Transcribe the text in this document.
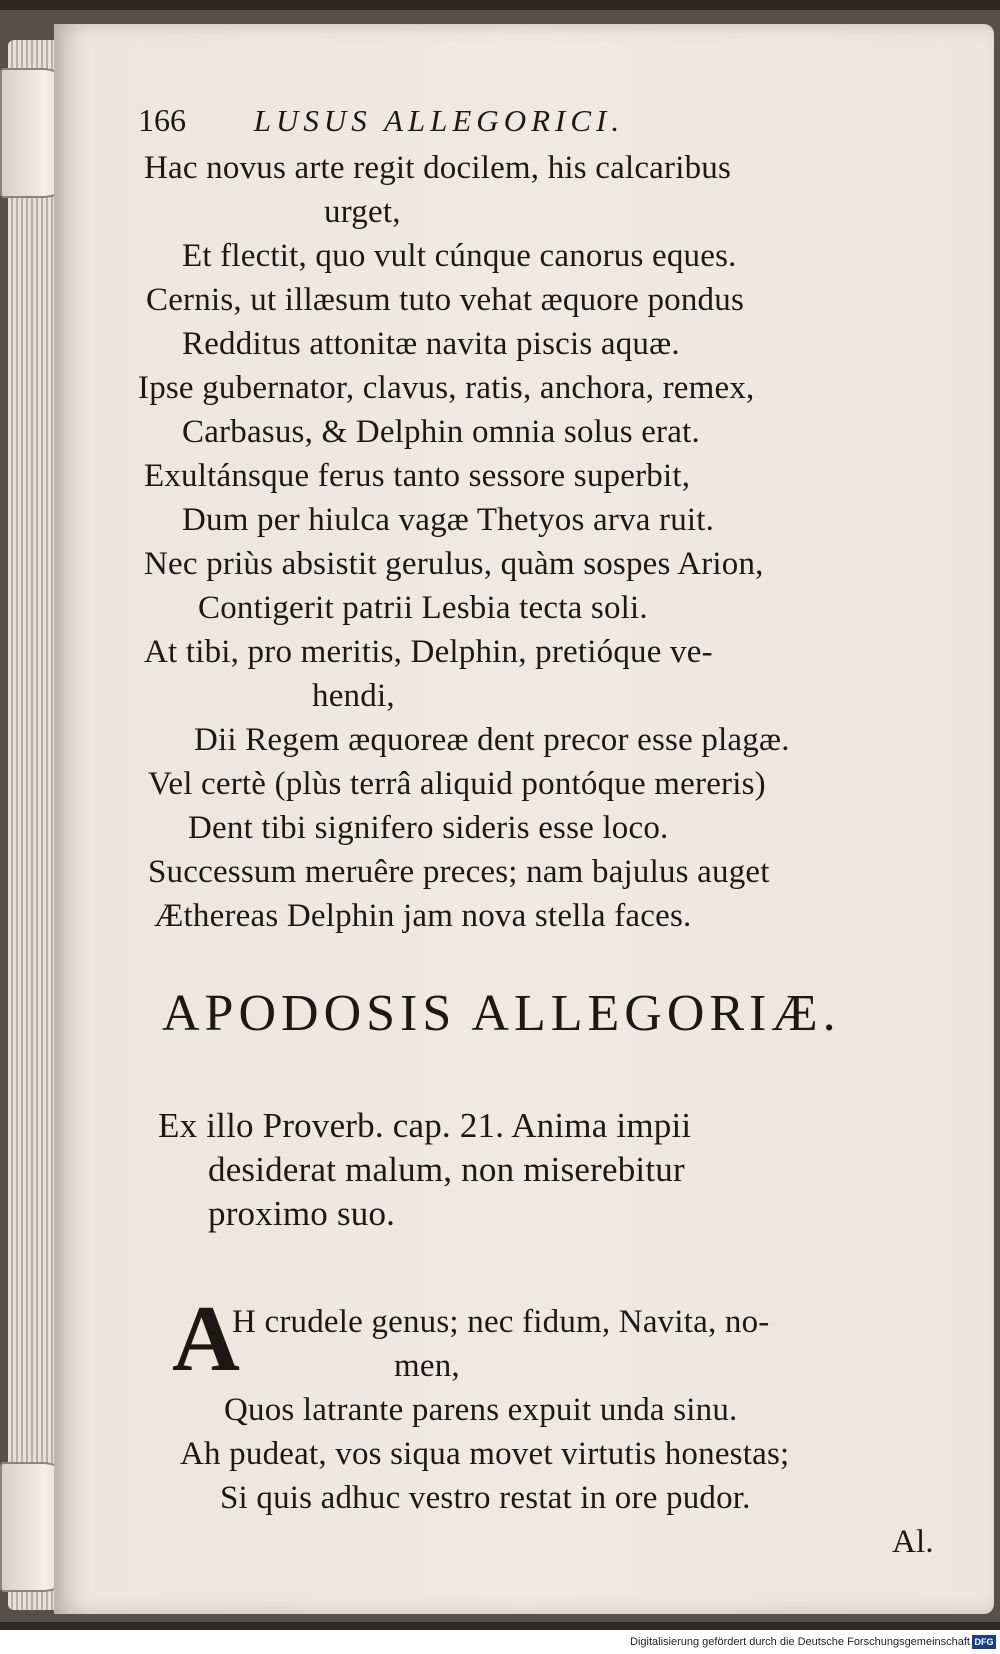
166 LUSUS ALLEGORICI.

Hac novus arte regit docilem, his calcaribus

urget,

Et flectit, quo vult cúnque canorus eques.

Cernis, ut illæsum tuto vehat æquore pondus

Redditus attonitæ navita piscis aquæ.

Ipse gubernator, clavus, ratis, anchora, remex,

Carbasus, & Delphin omnia solus erat.

Exultánsque ferus tanto sessore superbit,

Dum per hiulca vagæ Thetyos arva ruit.

Nec priùs absistit gerulus, quàm sospes Arion,

Contigerit patrii Lesbia tecta soli.

At tibi, pro meritis, Delphin, pretióque ve-

hendi,

Dii Regem æquoreæ dent precor esse plagæ.

Vel certè (plùs terrâ aliquid pontóque mereris)

Dent tibi signifero sideris esse loco.

Successum meruêre preces; nam bajulus auget

Æthereas Delphin jam nova stella faces.

APODOSIS ALLEGORIÆ.

Ex illo Proverb. cap. 21. Anima impii

desiderat malum, non miserebitur

proximo suo.

A

H crudele genus; nec fidum, Navita, no-

men,

Quos latrante parens expuit unda sinu.

Ah pudeat, vos siqua movet virtutis honestas;

Si quis adhuc vestro restat in ore pudor.

Al.

Digitalisierung gefördert durch die Deutsche Forschungsgemeinschaft DFG
